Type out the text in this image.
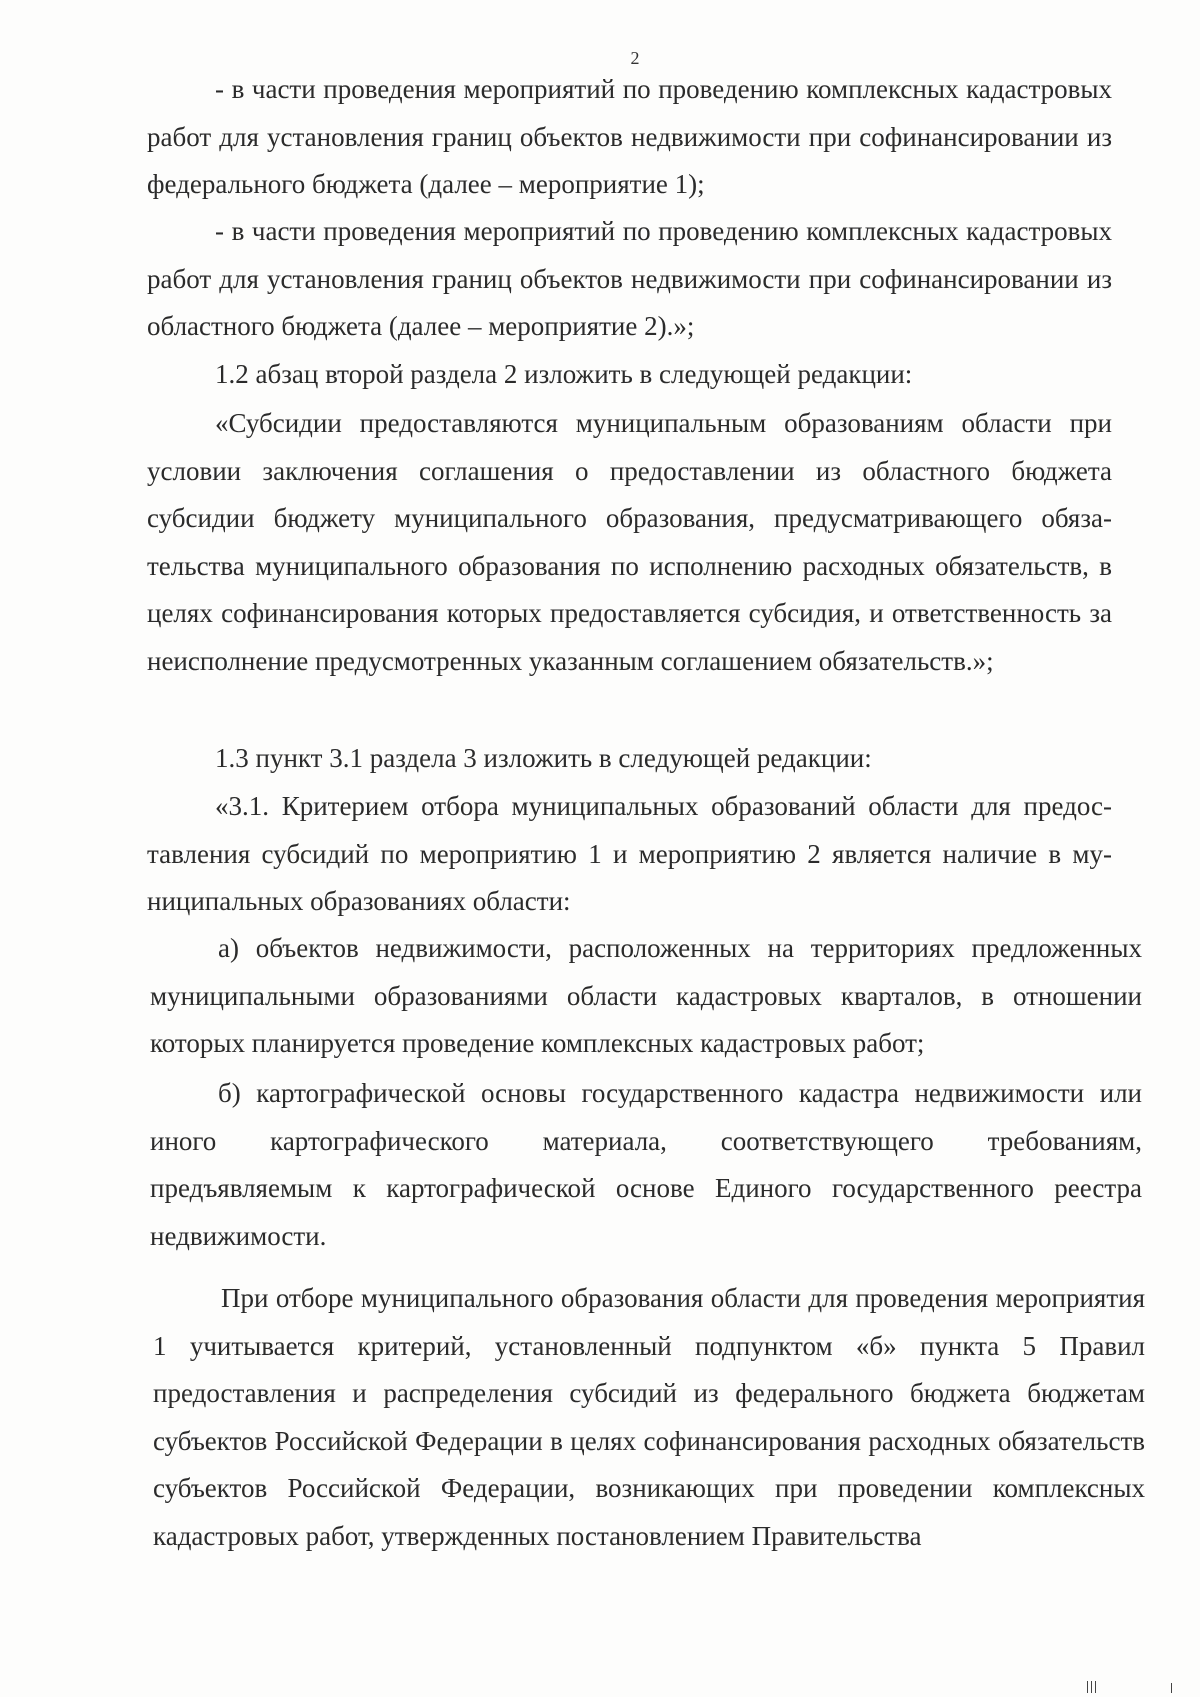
2
- в части проведения мероприятий по проведению комплексных кадастровых работ для установления границ объектов недвижимости при софинансировании из федерального бюджета (далее – мероприятие 1);
- в части проведения мероприятий по проведению комплексных кадастровых работ для установления границ объектов недвижимости при софинансировании из областного бюджета (далее – мероприятие 2).»;
1.2 абзац второй раздела 2 изложить в следующей редакции:
«Субсидии предоставляются муниципальным образованиям области при условии заключения соглашения о предоставлении из областного бюджета субсидии бюджету муниципального образования, предусматривающего обязательства муниципального образования по исполнению расходных обязательств, в целях софинансирования которых предоставляется субсидия, и ответственность за неисполнение предусмотренных указанным соглашением обязательств.»;
1.3 пункт 3.1 раздела 3 изложить в следующей редакции:
«3.1. Критерием отбора муниципальных образований области для предоставления субсидий по мероприятию 1 и мероприятию 2 является наличие в муниципальных образованиях области:
а) объектов недвижимости, расположенных на территориях предложенных муниципальными образованиями области кадастровых кварталов, в отношении которых планируется проведение комплексных кадастровых работ;
б) картографической основы государственного кадастра недвижимости или иного картографического материала, соответствующего требованиям, предъявляемым к картографической основе Единого государственного реестра недвижимости.
При отборе муниципального образования области для проведения мероприятия 1 учитывается критерий, установленный подпунктом «б» пункта 5 Правил предоставления и распределения субсидий из федерального бюджета бюджетам субъектов Российской Федерации в целях софинансирования расходных обязательств субъектов Российской Федерации, возникающих при проведении комплексных кадастровых работ, утвержденных постановлением Правительства
